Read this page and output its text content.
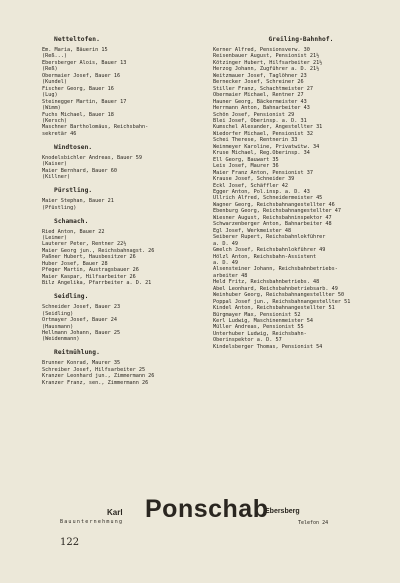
Netteltofen.
Em. Maria, Bäuerin 15
(Reß...)
Ebersberger Alois, Bauer 13
(Reß)
Obermaier Josef, Bauer 16
(Kundel)
Fischer Georg, Bauer 16
(Lug)
Steinegger Martin, Bauer 17
(Wimm)
Fuchs Michael, Bauer 18
(Kersch)
Maschner Bartholomäus, Reichsbahn-
sekretär 46
Windtosen.
Knodelsbichler Andreas, Bauer 59
(Kaiser)
Maier Bernhard, Bauer 60
(Killner)
Pürstling.
Maier Stephan, Bauer 21
(Pfüstling)
Schamach.
Ried Anton, Bauer 22
(Leimer)
Lauterer Peter, Rentner 22½
Maier Georg jun., Reichsbahnagst. 26
Paßner Hubert, Hausbesitzer 26
Huber Josef, Bauer 28
Pfeger Martin, Austragsbauer 26
Maier Kaspar, Hilfsarbeiter 26
Bilz Angelika, Pfarrbeiter a. D. 21
Seidling.
Schneider Josef, Bauer 23
(Seidling)
Ortmayer Josef, Bauer 24
(Hausmann)
Hellmann Johann, Bauer 25
(Weidenmann)
Reitmühlung.
Brunner Konrad, Maurer 35
Schreiber Josef, Hilfsarbeiter 25
Kranzer Leonhard jun., Zimmermann 26
Kranzer Franz, sen., Zimmermann 26
Greiling-Bahnhof.
Kerner Alfred, Pensionsverw. 30
Reisenbauer August, Pensionist 21½
Kötzinger Hubert, Hilfsarbeiter 21½
Herzog Johann, Zugführer a. D. 21½
Weitzmauer Josef, Taglöhner 23
Bernecker Josef, Schreiner 26
Stiller Franz, Schachtmeister 27
Obermaier Michael, Rentner 27
Hauner Georg, Bäckermeister 43
Herrmann Anton, Bahnarbeiter 43
Schön Josef, Pensionist 29
Blei Josef, Oberinsp. a. D. 31
Kumschel Alexander, Angestellter 31
Wiedorfer Michael, Pensionist 32
Schei Therese, Rentnerin 33
Weinmeyer Karoline, Privatwitw. 34
Kruse Michael, Reg.Oberinsp. 34
Ell Georg, Bauwart 35
Leis Josef, Maurer 36
Maier Franz Anton, Pensionist 37
Krause Josef, Schneider 39
Eckl Josef, Schäffler 42
Egger Anton, Pol.insp. a. D. 43
Ullrich Alfred, Schneidermeister 45
Wagner Georg, Reichsbahnangestellter 46
Ebenburg Georg, Reichsbahnangestellter 47
Wiesner August, Reichsbahninspektor 47
Schwarzenberger Anton, Bahnarbeiter 48
Egl Josef, Werkmeister 48
Seiberer Rupert, Reichsbahnlokführer
a. D. 49
Gmelch Josef, Reichsbahnlokführer 49
Hölzl Anton, Reichsbahn-Assistent
a. D. 49
Alsensteiner Johann, Reichsbahnbetriebs-
arbeiter 48
Held Fritz, Reichsbahnbetriebs. 48
Abel Leonhard, Reichsbahnbetriebsarb. 49
Weinhuber Georg, Reichsbahnangestellter 50
Poppal Josef jun., Reichsbahnangestellter 51
Kindel Anton, Reichsbahnangestellter 51
Bürgmayer Max, Pensionist 52
Kerl Ludwig, Maschinenmeister 54
Müller Andreas, Pensionist 55
Unterhuber Ludwig, Reichsbahn-
Oberinspektor a. D. 57
Kindelsberger Thomas, Pensionist 54
Karl Ponschab
Ebersberg
Bauunternehmung	Telefon 24
122
